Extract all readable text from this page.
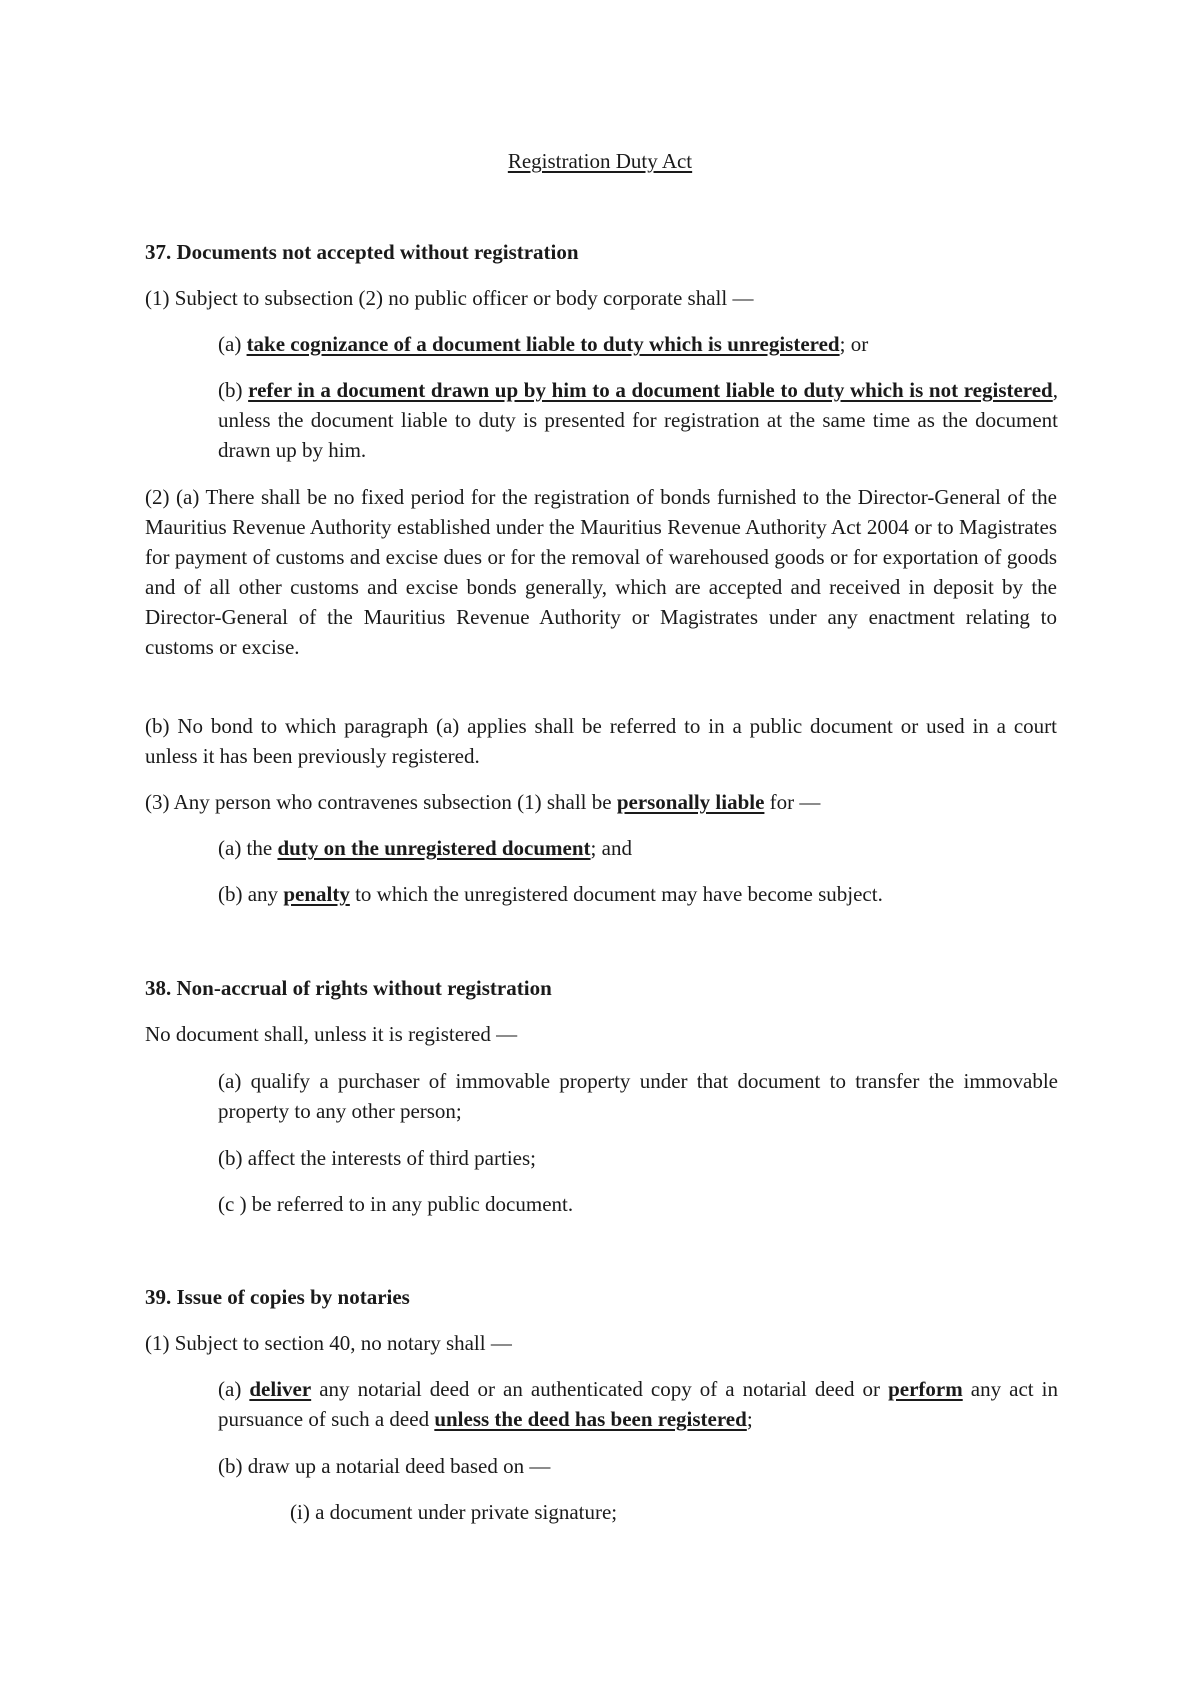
Registration Duty Act

37. Documents not accepted without registration

(1) Subject to subsection (2) no public officer or body corporate shall —

(a) take cognizance of a document liable to duty which is unregistered; or

(b) refer in a document drawn up by him to a document liable to duty which is not registered, unless the document liable to duty is presented for registration at the same time as the document drawn up by him.

(2) (a) There shall be no fixed period for the registration of bonds furnished to the Director-General of the Mauritius Revenue Authority established under the Mauritius Revenue Authority Act 2004 or to Magistrates for payment of customs and excise dues or for the removal of warehoused goods or for exportation of goods and of all other customs and excise bonds generally, which are accepted and received in deposit by the Director-General of the Mauritius Revenue Authority or Magistrates under any enactment relating to customs or excise.

(b) No bond to which paragraph (a) applies shall be referred to in a public document or used in a court unless it has been previously registered.

(3) Any person who contravenes subsection (1) shall be personally liable for —

(a) the duty on the unregistered document; and

(b) any penalty to which the unregistered document may have become subject.

38. Non-accrual of rights without registration

No document shall, unless it is registered —

(a) qualify a purchaser of immovable property under that document to transfer the immovable property to any other person;

(b) affect the interests of third parties;

(c ) be referred to in any public document.

39. Issue of copies by notaries

(1) Subject to section 40, no notary shall —

(a) deliver any notarial deed or an authenticated copy of a notarial deed or perform any act in pursuance of such a deed unless the deed has been registered;

(b) draw up a notarial deed based on —

(i) a document under private signature;
